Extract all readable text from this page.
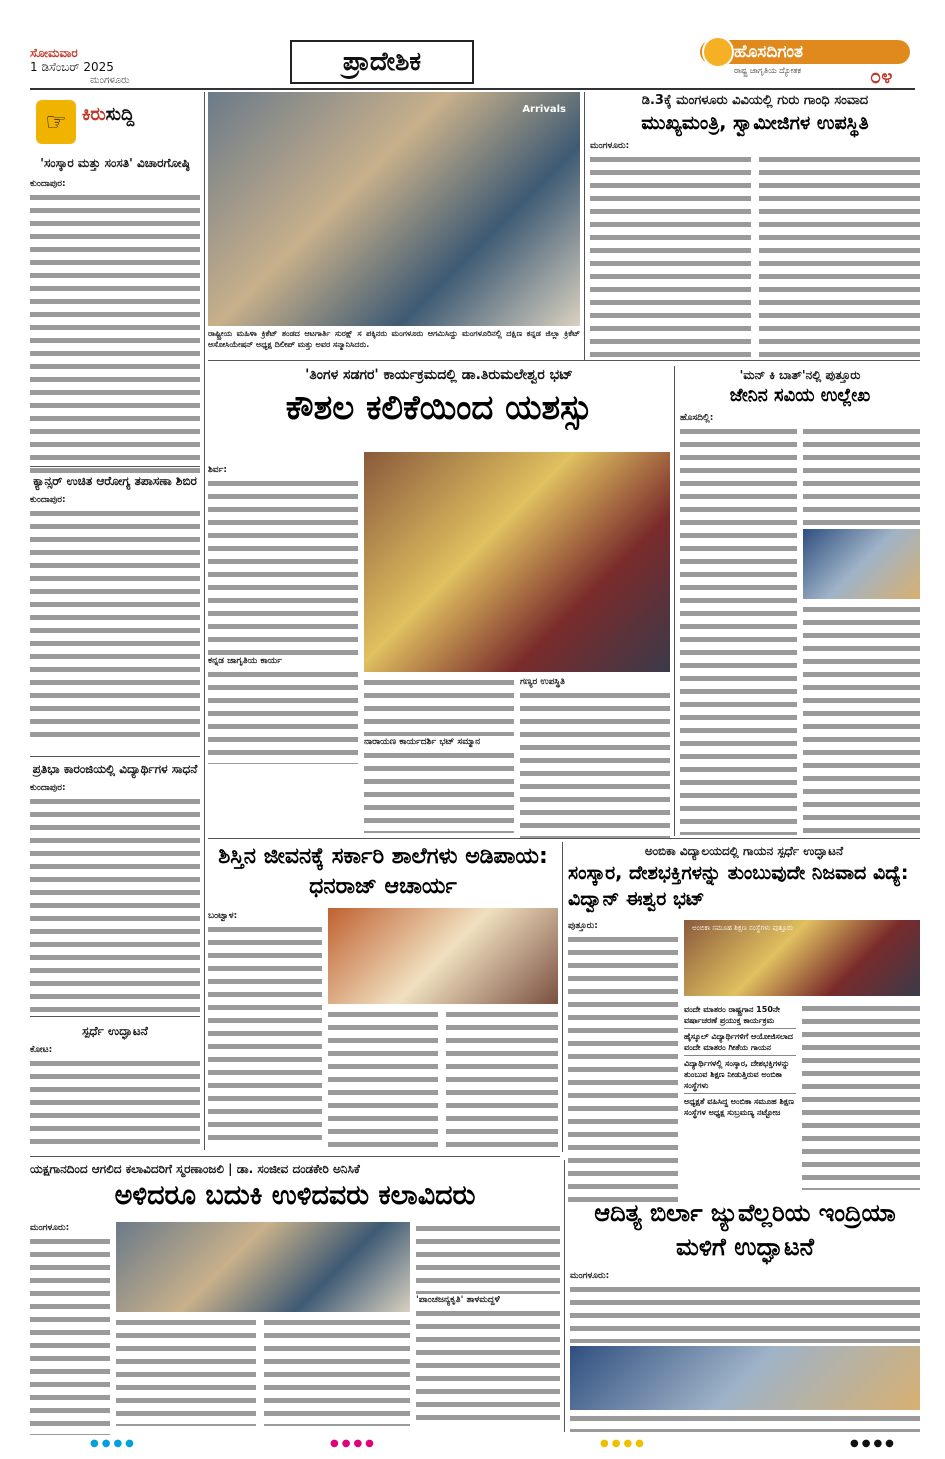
ಸೋಮವಾರ
1 ಡಿಸೆಂಬರ್ 2025
ಮಂಗಳೂರು
ಪ್ರಾದೇಶಿಕ	ಹೊಸದಿಗಂತ
ರಾಷ್ಟ್ರ ಜಾಗೃತಿಯ ದ್ಯೋತಕ	೦೪
☞ ಕಿರುಸುದ್ದಿ
'ಸಂಸ್ಕಾರ ಮತ್ತು ಸಂಸತಿ' ವಿಚಾರಗೋಷ್ಠಿ
ಕುಂದಾಪುರ:
ಕ್ಯಾನ್ಸರ್ ಉಚಿತ ಆರೋಗ್ಯ ತಪಾಸಣಾ ಶಿಬಿರ
ಕುಂದಾಪುರ:
ಪ್ರತಿಭಾ ಕಾರಂಜಿಯಲ್ಲಿ ವಿದ್ಯಾರ್ಥಿಗಳ ಸಾಧನೆ
ಕುಂದಾಪುರ:
ಸ್ಪರ್ಧೆ ಉದ್ಘಾಟನೆ
ಕೋಟ:
Arrivals
ರಾಷ್ಟ್ರೀಯ ಮಹಿಳಾ ಕ್ರಿಕೆಟ್ ತಂಡದ ಆಟಗಾರ್ತಿ ಸುರಕ್ಷ್ ಸ ಪಕ್ಕಿನರು ಮಂಗಳೂರು ಆಗಮಿಸಿದ್ದು ಮಂಗಳೂರಿನಲ್ಲಿ ದಕ್ಷಿಣ ಕನ್ನಡ ಜಿಲ್ಲಾ ಕ್ರಿಕೆಟ್ ಅಸೋಸಿಯೇಷನ್ ಅಧ್ಯಕ್ಷ ದಿಲೀಪ್ ಮತ್ತು ಅವರ ಸನ್ಮಾನಿಸಿದರು.
ಡಿ.3ಕ್ಕೆ ಮಂಗಳೂರು ವಿವಿಯಲ್ಲಿ ಗುರು ಗಾಂಧಿ ಸಂವಾದ
ಮುಖ್ಯಮಂತ್ರಿ, ಸ್ವಾಮೀಜಿಗಳ ಉಪಸ್ಥಿತಿ
ಮಂಗಳೂರು:
'ತಿಂಗಳ ಸಡಗರ' ಕಾರ್ಯಕ್ರಮದಲ್ಲಿ ಡಾ.ತಿರುಮಲೇಶ್ವರ ಭಟ್
ಕೌಶಲ ಕಲಿಕೆಯಿಂದ ಯಶಸ್ಸು
ಶಿರ್ವ:
ಕನ್ನಡ ಜಾಗೃತಿಯ ಕಾರ್ಯ
ನಾರಾಯಣ ಕಾರ್ಯದರ್ಶಿ ಭಟ್ ಸಮ್ಮಾನ
ಗಣ್ಯರ ಉಪಸ್ಥಿತಿ
'ಮನ್ ಕಿ ಬಾತ್'ನಲ್ಲಿ ಪುತ್ತೂರು
ಜೇನಿನ ಸವಿಯ ಉಲ್ಲೇಖ
ಹೊಸದಿಲ್ಲಿ:
ಶಿಸ್ತಿನ ಜೀವನಕ್ಕೆ ಸರ್ಕಾರಿ ಶಾಲೆಗಳು ಅಡಿಪಾಯ: ಧನರಾಜ್ ಆಚಾರ್ಯ
ಬಂಟ್ವಾಳ:
ಅಂಬಿಕಾ ವಿದ್ಯಾಲಯದಲ್ಲಿ ಗಾಯನ ಸ್ಪರ್ಧೆ ಉದ್ಘಾಟನೆ
ಸಂಸ್ಕಾರ, ದೇಶಭಕ್ತಿಗಳನ್ನು ತುಂಬುವುದೇ ನಿಜವಾದ ವಿದ್ಯೆ: ವಿದ್ವಾನ್ ಈಶ್ವರ ಭಟ್
ಪುತ್ತೂರು:	ಅಂಬಿಕಾ ಸಮೂಹ ಶಿಕ್ಷಣ ಸಂಸ್ಥೆಗಳು ಪುತ್ತೂರು
ವಂದೇ ಮಾತರಂ ರಾಷ್ಟ್ರಗಾನ 150ನೇ ವರ್ಷಾಚರಣೆ ಪ್ರಯುಕ್ತ ಕಾರ್ಯಕ್ರಮ
ಹೈಸ್ಕೂಲ್ ವಿದ್ಯಾರ್ಥಿಗಳಿಗೆ ಆಯೋಜಿಸಲಾದ ವಂದೇ ಮಾತರಂ ಗೀತೆಯ ಗಾಯನ
ವಿದ್ಯಾರ್ಥಿಗಳಲ್ಲಿ ಸಂಸ್ಕಾರ, ದೇಶಭಕ್ತಿಗಳನ್ನು ತುಂಬುವ ಶಿಕ್ಷಣ ನೀಡುತ್ತಿರುವ ಅಂಬಿಕಾ ಸಂಸ್ಥೆಗಳು
ಅಧ್ಯಕ್ಷತೆ ವಹಿಸಿದ್ದ ಅಂಬಿಕಾ ಸಮೂಹ ಶಿಕ್ಷಣ ಸಂಸ್ಥೆಗಳ ಅಧ್ಯಕ್ಷ ಸುಬ್ರಮಣ್ಯ ನಟ್ಟೋಜ
ಯಕ್ಷಗಾನದಿಂದ ಆಗಲಿದ ಕಲಾವಿದರಿಗೆ ಸ್ಮರಣಾಂಜಲಿ | ಡಾ. ಸಂಜೀವ ದಂಡಕೇರಿ ಅನಿಸಿಕೆ
ಅಳಿದರೂ ಬದುಕಿ ಉಳಿದವರು ಕಲಾವಿದರು
ಮಂಗಳೂರು:
'ಪಾಂಚಜನ್ಯಕೃತಿ' ತಾಳಮದ್ದಳೆ
ಆದಿತ್ಯ ಬಿರ್ಲಾ ಜ್ಯುವೆಲ್ಲರಿಯ ಇಂದ್ರಿಯಾ ಮಳಿಗೆ ಉದ್ಘಾಟನೆ
ಮಂಗಳೂರು:
●●●●	●●●●	●●●●	●●●●
